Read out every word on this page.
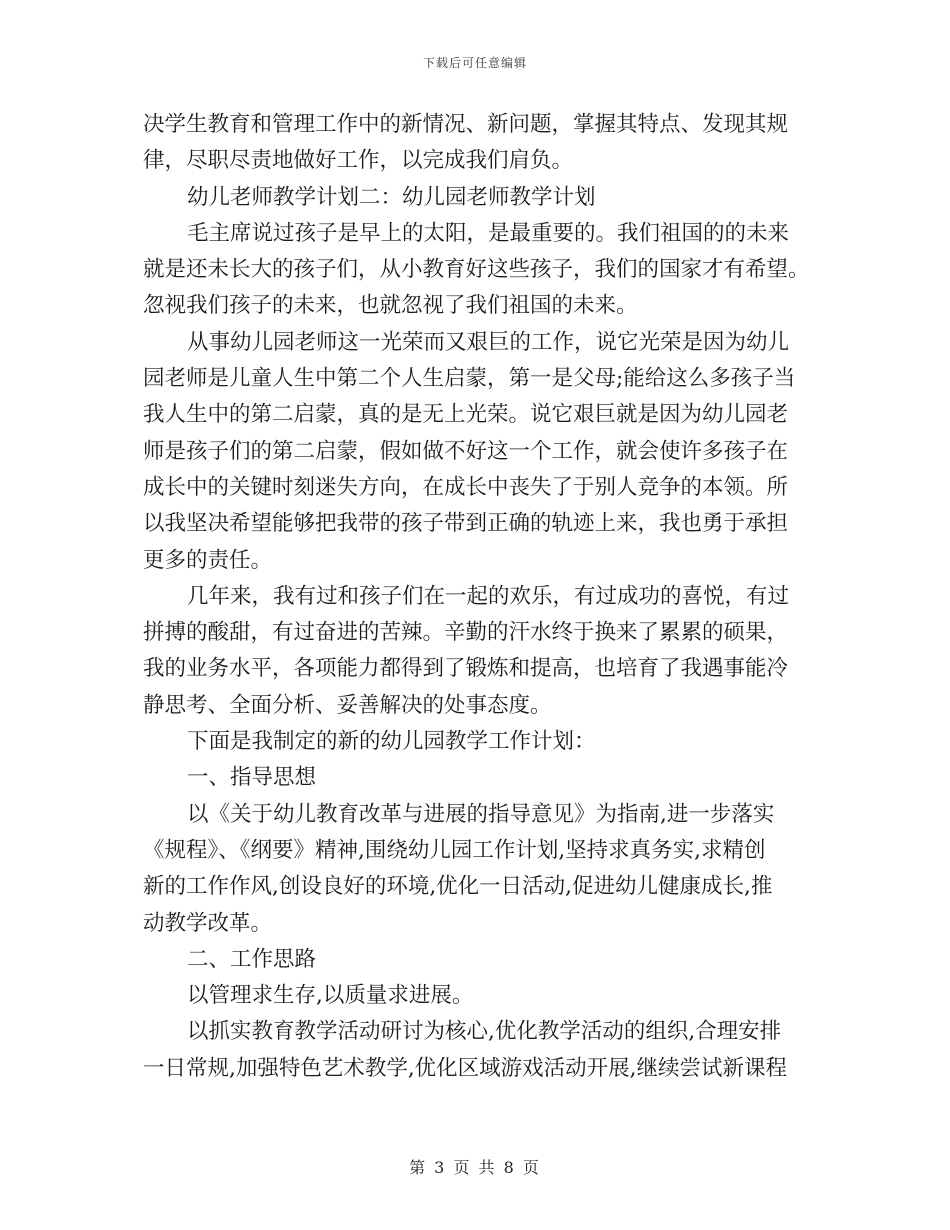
下载后可任意编辑
决学生教育和管理工作中的新情况、新问题，掌握其特点、发现其规
律，尽职尽责地做好工作，以完成我们肩负。
幼儿老师教学计划二：幼儿园老师教学计划
毛主席说过孩子是早上的太阳，是最重要的。我们祖国的的未来
就是还未长大的孩子们，从小教育好这些孩子，我们的国家才有希望。
忽视我们孩子的未来，也就忽视了我们祖国的未来。
从事幼儿园老师这一光荣而又艰巨的工作，说它光荣是因为幼儿
园老师是儿童人生中第二个人生启蒙，第一是父母;能给这么多孩子当
我人生中的第二启蒙，真的是无上光荣。说它艰巨就是因为幼儿园老
师是孩子们的第二启蒙，假如做不好这一个工作，就会使许多孩子在
成长中的关键时刻迷失方向，在成长中丧失了于别人竞争的本领。所
以我坚决希望能够把我带的孩子带到正确的轨迹上来，我也勇于承担
更多的责任。
几年来，我有过和孩子们在一起的欢乐，有过成功的喜悦，有过
拼搏的酸甜，有过奋进的苦辣。辛勤的汗水终于换来了累累的硕果，
我的业务水平，各项能力都得到了锻炼和提高，也培育了我遇事能冷
静思考、全面分析、妥善解决的处事态度。
下面是我制定的新的幼儿园教学工作计划：
一、指导思想
以《关于幼儿教育改革与进展的指导意见》为指南,进一步落实
《规程》、《纲要》精神,围绕幼儿园工作计划,坚持求真务实,求精创
新的工作作风,创设良好的环境,优化一日活动,促进幼儿健康成长,推
动教学改革。
二、工作思路
以管理求生存,以质量求进展。
以抓实教育教学活动研讨为核心,优化教学活动的组织,合理安排
一日常规,加强特色艺术教学,优化区域游戏活动开展,继续尝试新课程
第 3 页 共 8 页
